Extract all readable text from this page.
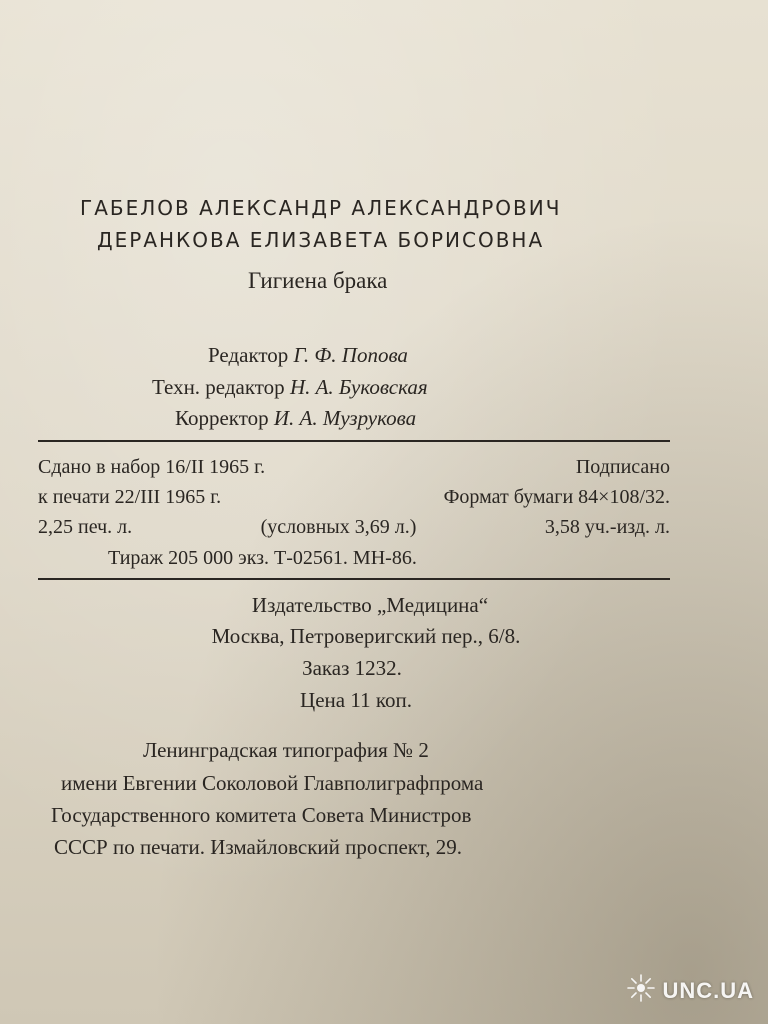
ГАБЕЛОВ АЛЕКСАНДР АЛЕКСАНДРОВИЧ
ДЕРАНКОВА ЕЛИЗАВЕТА БОРИСОВНА
Гигиена брака
Редактор Г. Ф. Попова
Техн. редактор Н. А. Буковская
Корректор И. А. Музрукова
Сдано в набор 16/II 1965 г.	Подписано
к печати 22/III 1965 г.	Формат бумаги 84×108/32.
2,25 печ. л.	(условных 3,69 л.)	3,58 уч.-изд. л.
Тираж 205 000 экз. Т-02561. МН-86.
Издательство „Медицина“
Москва, Петроверигский пер., 6/8.
Заказ 1232.
Цена 11 коп.
Ленинградская типография № 2
имени Евгении Соколовой Главполиграфпрома
Государственного комитета Совета Министров
СССР по печати. Измайловский проспект, 29.
UNC.UA
